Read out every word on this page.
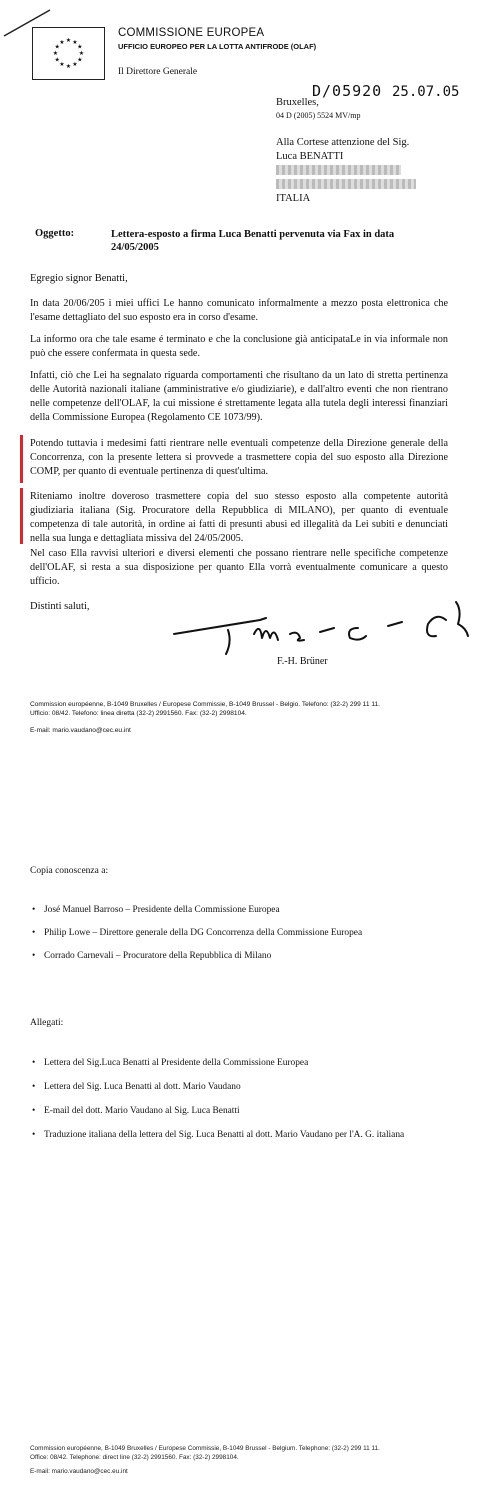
★ ★
★
★
★
★
★
★
★
★
★
★
COMMISSIONE EUROPEA
UFFICIO EUROPEO PER LA LOTTA ANTIFRODE (OLAF)
Il Direttore Generale
D/05920 25.07.05
Bruxelles,
04 D (2005) 5524 MV/mp
Alla Cortese attenzione del Sig.
Luca BENATTI
ITALIA
Oggetto:	Lettera-esposto a firma Luca Benatti pervenuta via Fax in data 24/05/2005
Egregio signor Benatti,

In data 20/06/205 i miei uffici Le hanno comunicato informalmente a mezzo posta elettronica che l'esame dettagliato del suo esposto era in corso d'esame.

La informo ora che tale esame é terminato e che la conclusione già anticipataLe in via informale non può che essere confermata in questa sede.

Infatti, ciò che Lei ha segnalato riguarda comportamenti che risultano da un lato di stretta pertinenza delle Autorità nazionali italiane (amministrative e/o giudiziarie), e dall'altro eventi che non rientrano nelle competenze dell'OLAF, la cui missione é strettamente legata alla tutela degli interessi finanziari della Commissione Europea (Regolamento CE 1073/99).

Potendo tuttavia i medesimi fatti rientrare nelle eventuali competenze della Direzione generale della Concorrenza, con la presente lettera si provvede a trasmettere copia del suo esposto alla Direzione COMP, per quanto di eventuale pertinenza di quest'ultima.

Riteniamo inoltre doveroso trasmettere copia del suo stesso esposto alla competente autorità giudiziaria italiana (Sig. Procuratore della Repubblica di MILANO), per quanto di eventuale competenza di tale autorità, in ordine ai fatti di presunti abusi ed illegalità da Lei subiti e denunciati nella sua lunga e dettagliata missiva del 24/05/2005.

Nel caso Ella ravvisi ulteriori e diversi elementi che possano rientrare nelle specifiche competenze dell'OLAF, si resta a sua disposizione per quanto Ella vorrà eventualmente comunicare a questo ufficio.

Distinti saluti,
F.-H. Brüner
Commission européenne, B-1049 Bruxelles / Europese Commissie, B-1049 Brussel - Belgio. Telefono: (32-2) 299 11 11.
Ufficio: 08/42. Telefono: linea diretta (32-2) 2991560. Fax: (32-2) 2998104.
E-mail: mario.vaudano@cec.eu.int
Copia conoscenza a:
• José Manuel Barroso – Presidente della Commissione Europea
• Philip Lowe – Direttore generale della DG Concorrenza della Commissione Europea
• Corrado Carnevali – Procuratore della Repubblica di Milano
Allegati:
• Lettera del Sig.Luca Benatti al Presidente della Commissione Europea
• Lettera del Sig. Luca Benatti al dott. Mario Vaudano
• E-mail del dott. Mario Vaudano al Sig. Luca Benatti
• Traduzione italiana della lettera del Sig. Luca Benatti al dott. Mario Vaudano per l'A. G. italiana
Commission européenne, B-1049 Bruxelles / Europese Commissie, B-1049 Brussel - Belgium. Telephone: (32-2) 299 11 11.
Office: 08/42. Telephone: direct line (32-2) 2991560. Fax: (32-2) 2998104.
E-mail: mario.vaudano@cec.eu.int
